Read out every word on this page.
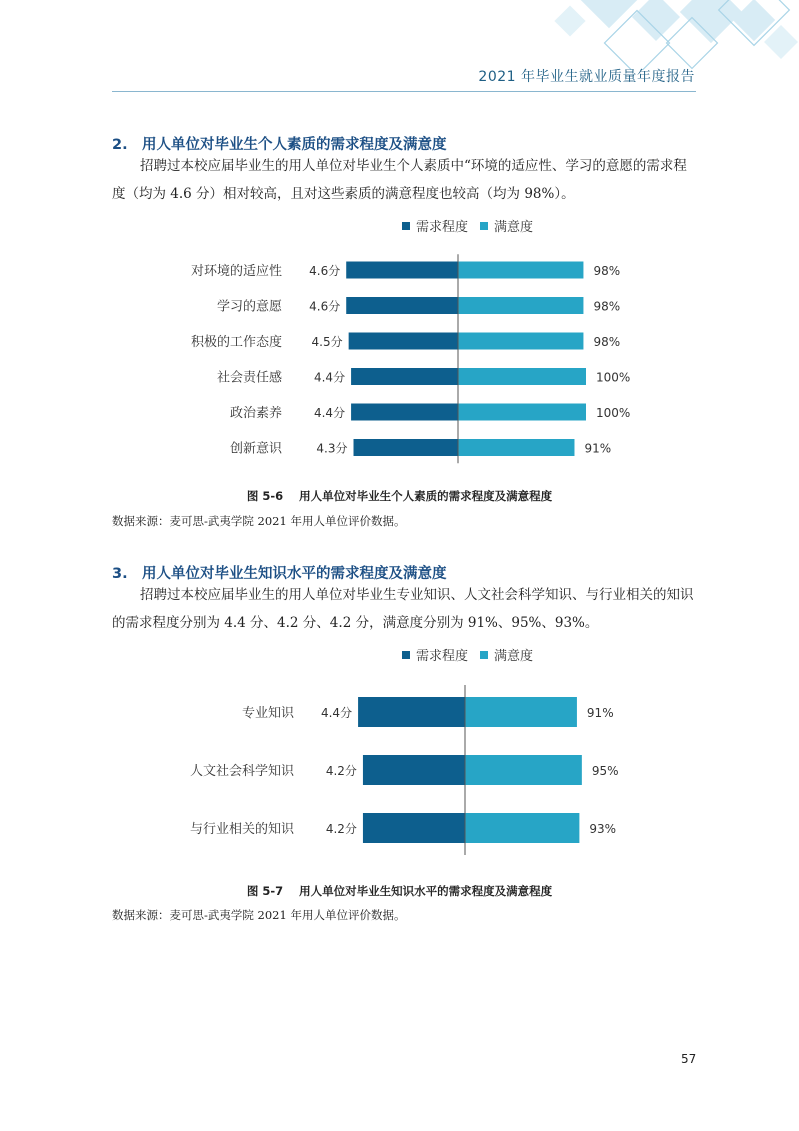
2021 年毕业生就业质量年度报告
2. 用人单位对毕业生个人素质的需求程度及满意度
招聘过本校应届毕业生的用人单位对毕业生个人素质中“环境的适应性、学习的意愿的需求程度（均为 4.6 分）相对较高，且对这些素质的满意程度也较高（均为 98%）。
需求程度 满意度
对环境的适应性 4.6分	98%
学习的意愿 4.6分	98%
积极的工作态度 4.5分	98%
社会责任感	4.4分	100%
政治素养	4.4分	100%
创新意识	4.3分	91%
图 5-6 用人单位对毕业生个人素质的需求程度及满意程度
数据来源：麦可思-武夷学院 2021 年用人单位评价数据。
3. 用人单位对毕业生知识水平的需求程度及满意度
招聘过本校应届毕业生的用人单位对毕业生专业知识、人文社会科学知识、与行业相关的知识的需求程度分别为 4.4 分、4.2 分、4.2 分，满意度分别为 91%、95%、93%。
需求程度 满意度
专业知识 4.4分	91%
人文社会科学知识	4.2分	95%
与行业相关的知识	4.2分	93%
图 5-7 用人单位对毕业生知识水平的需求程度及满意程度
数据来源：麦可思-武夷学院 2021 年用人单位评价数据。
57
